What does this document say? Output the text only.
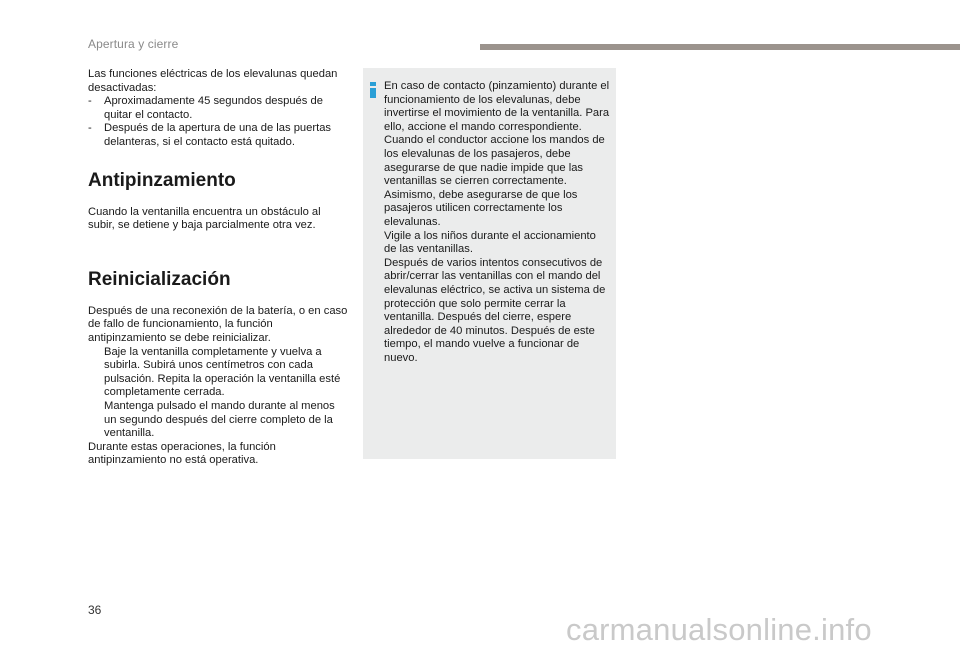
Apertura y cierre

Las funciones eléctricas de los elevalunas quedan desactivadas:

- Aproximadamente 45 segundos después de quitar el contacto.
- Después de la apertura de una de las puertas delanteras, si el contacto está quitado.

Antipinzamiento

Cuando la ventanilla encuentra un obstáculo al subir, se detiene y baja parcialmente otra vez.

Reinicialización

Después de una reconexión de la batería, o en caso de fallo de funcionamiento, la función antipinzamiento se debe reinicializar.

Baje la ventanilla completamente y vuelva a subirla. Subirá unos centímetros con cada pulsación. Repita la operación la ventanilla esté completamente cerrada.
Mantenga pulsado el mando durante al menos un segundo después del cierre completo de la ventanilla.

Durante estas operaciones, la función antipinzamiento no está operativa.

En caso de contacto (pinzamiento) durante el funcionamiento de los elevalunas, debe invertirse el movimiento de la ventanilla. Para ello, accione el mando correspondiente.
Cuando el conductor accione los mandos de los elevalunas de los pasajeros, debe asegurarse de que nadie impide que las ventanillas se cierren correctamente.
Asimismo, debe asegurarse de que los pasajeros utilicen correctamente los elevalunas.
Vigile a los niños durante el accionamiento de las ventanillas.
Después de varios intentos consecutivos de abrir/cerrar las ventanillas con el mando del elevalunas eléctrico, se activa un sistema de protección que solo permite cerrar la ventanilla. Después del cierre, espere alrededor de 40 minutos. Después de este tiempo, el mando vuelve a funcionar de nuevo.
36
carmanualsonline.info
